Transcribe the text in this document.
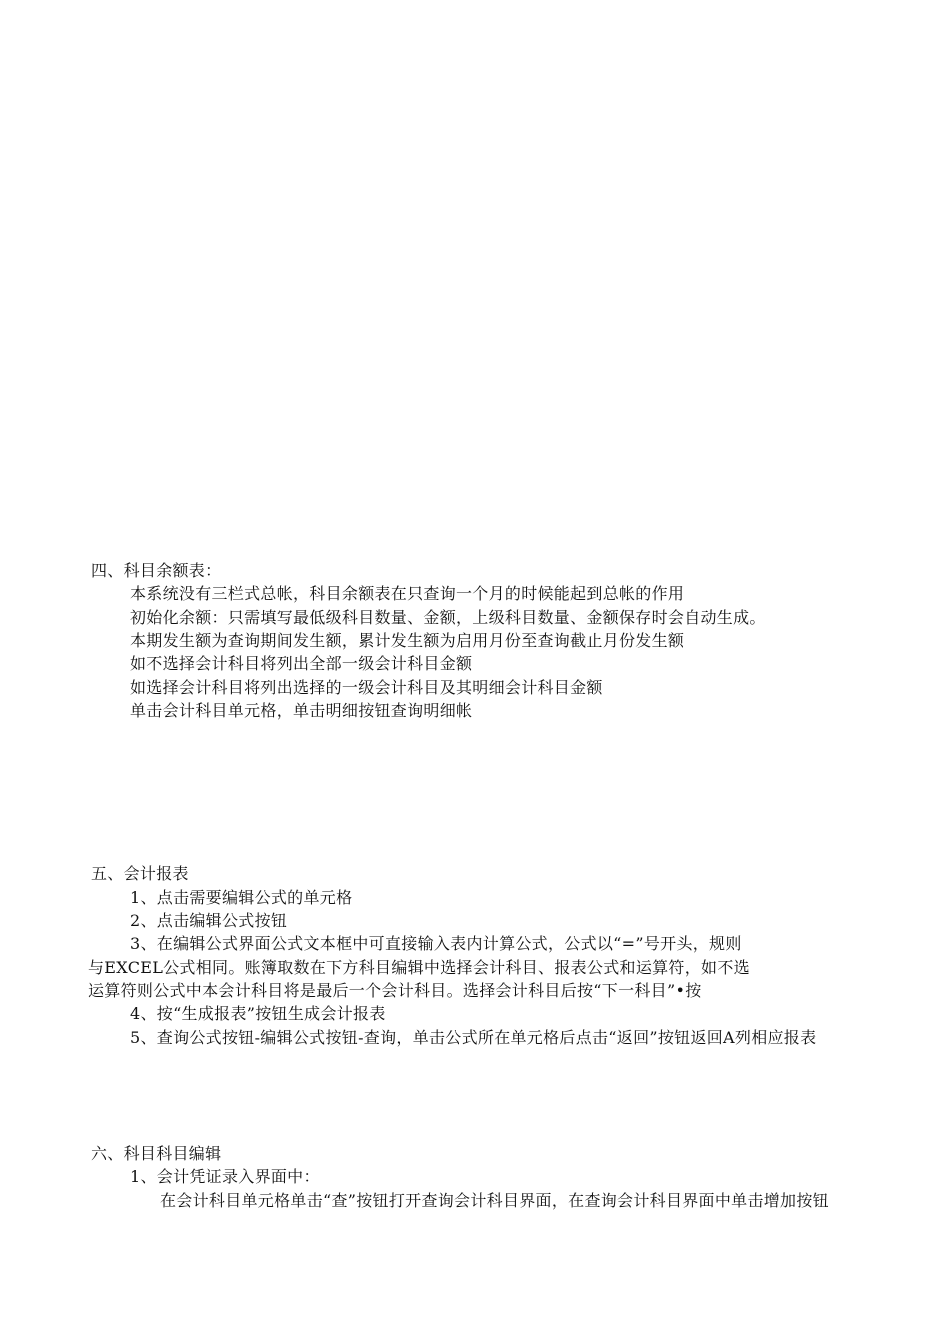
四、科目余额表：
本系统没有三栏式总帐，科目余额表在只查询一个月的时候能起到总帐的作用
初始化余额：只需填写最低级科目数量、金额，上级科目数量、金额保存时会自动生成。
本期发生额为查询期间发生额，累计发生额为启用月份至查询截止月份发生额
如不选择会计科目将列出全部一级会计科目金额
如选择会计科目将列出选择的一级会计科目及其明细会计科目金额
单击会计科目单元格，单击明细按钮查询明细帐
五、会计报表
1、点击需要编辑公式的单元格
2、点击编辑公式按钮
3、在编辑公式界面公式文本框中可直接输入表内计算公式，公式以“=”号开头，规则
与EXCEL公式相同。账簿取数在下方科目编辑中选择会计科目、报表公式和运算符，如不选
运算符则公式中本会计科目将是最后一个会计科目。选择会计科目后按“下一科目”•按
4、按“生成报表”按钮生成会计报表
5、查询公式按钮-编辑公式按钮-查询，单击公式所在单元格后点击“返回”按钮返回A列相应报表
六、科目科目编辑
1、会计凭证录入界面中：
在会计科目单元格单击“查”按钮打开查询会计科目界面，在查询会计科目界面中单击增加按钮
